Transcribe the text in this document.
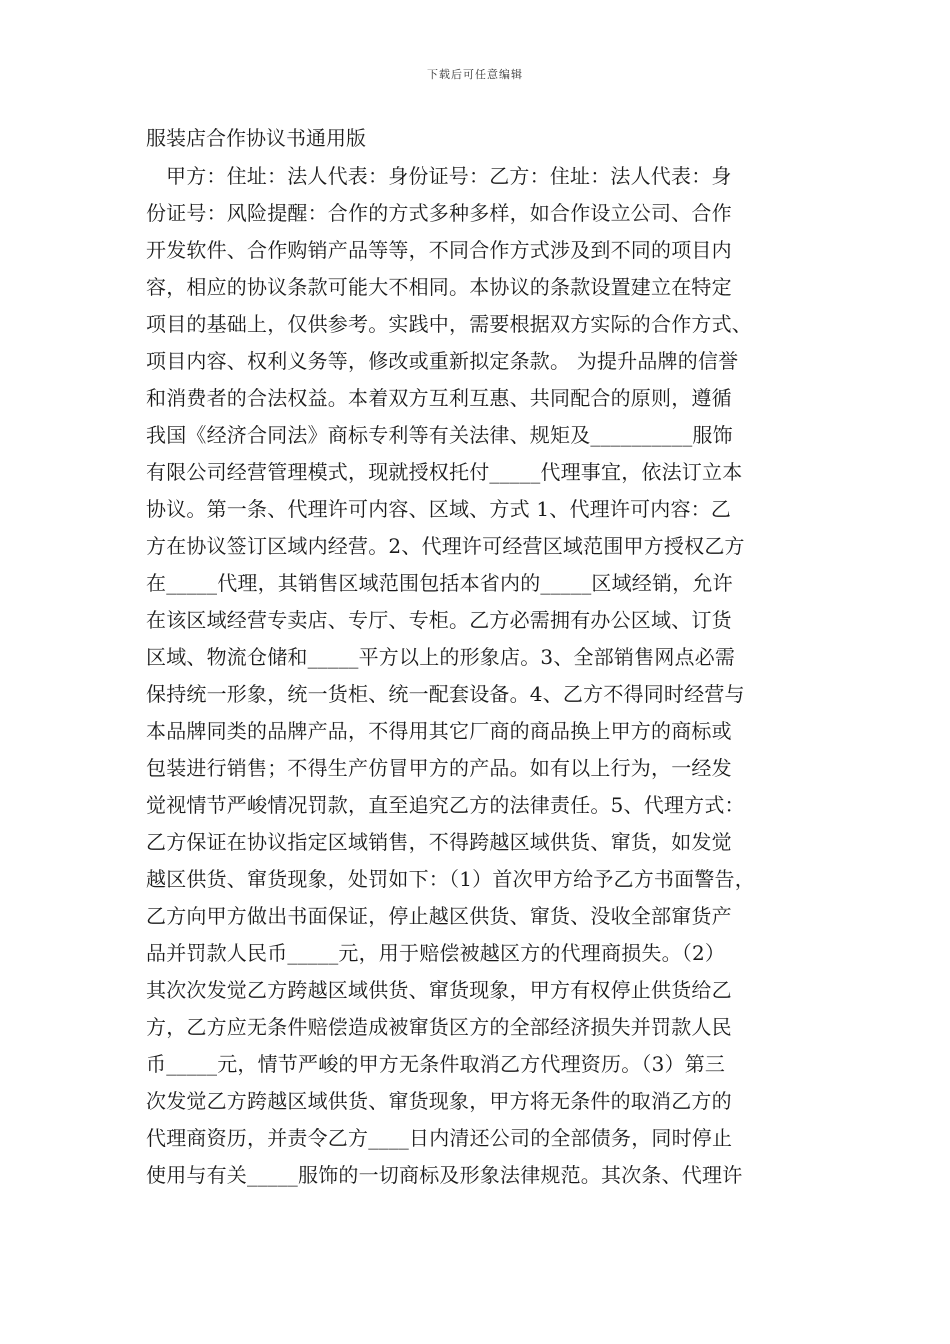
下载后可任意编辑
服装店合作协议书通用版
甲方：住址：法人代表：身份证号：乙方：住址：法人代表：身
份证号：风险提醒：合作的方式多种多样，如合作设立公司、合作
开发软件、合作购销产品等等，不同合作方式涉及到不同的项目内
容，相应的协议条款可能大不相同。本协议的条款设置建立在特定
项目的基础上，仅供参考。实践中，需要根据双方实际的合作方式、
项目内容、权利义务等，修改或重新拟定条款。 为提升品牌的信誉
和消费者的合法权益。本着双方互利互惠、共同配合的原则，遵循
我国《经济合同法》商标专利等有关法律、规矩及__________服饰
有限公司经营管理模式，现就授权托付_____代理事宜，依法订立本
协议。第一条、代理许可内容、区域、方式 1、代理许可内容：乙
方在协议签订区域内经营。2、代理许可经营区域范围甲方授权乙方
在_____代理，其销售区域范围包括本省内的_____区域经销，允许
在该区域经营专卖店、专厅、专柜。乙方必需拥有办公区域、订货
区域、物流仓储和_____平方以上的形象店。3、全部销售网点必需
保持统一形象，统一货柜、统一配套设备。4、乙方不得同时经营与
本品牌同类的品牌产品，不得用其它厂商的商品换上甲方的商标或
包装进行销售；不得生产仿冒甲方的产品。如有以上行为，一经发
觉视情节严峻情况罚款，直至追究乙方的法律责任。5、代理方式：
乙方保证在协议指定区域销售，不得跨越区域供货、窜货，如发觉
越区供货、窜货现象，处罚如下：（1）首次甲方给予乙方书面警告，
乙方向甲方做出书面保证，停止越区供货、窜货、没收全部窜货产
品并罚款人民币_____元，用于赔偿被越区方的代理商损失。（2）
其次次发觉乙方跨越区域供货、窜货现象，甲方有权停止供货给乙
方，乙方应无条件赔偿造成被窜货区方的全部经济损失并罚款人民
币_____元，情节严峻的甲方无条件取消乙方代理资历。（3）第三
次发觉乙方跨越区域供货、窜货现象，甲方将无条件的取消乙方的
代理商资历，并责令乙方____日内清还公司的全部债务，同时停止
使用与有关_____服饰的一切商标及形象法律规范。其次条、代理许
